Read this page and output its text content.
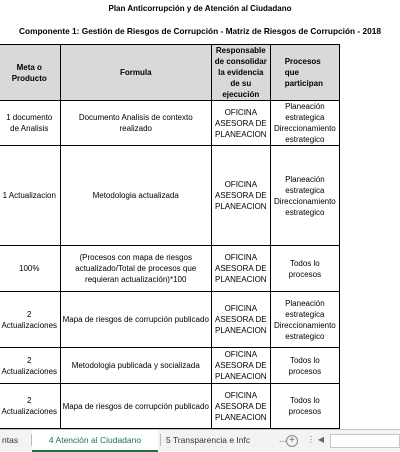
Plan Anticorrupción y de Atención al Ciudadano
Componente 1: Gestión de Riesgos de Corrupción - Matriz de Riesgos de Corrupción - 2018
	Meta o Producto	Formula	Responsable de consolidar la evidencia de su ejecución	Procesos que participan
	1 documento de Analisis	Documento Analisis de contexto realizado	OFICINA ASESORA DE PLANEACION	Planeación estrategica Direccionamiento estrategico
	1 Actualizacion	Metodologia actualizada	OFICINA ASESORA DE PLANEACION	Planeación estrategica Direccionamiento estrategico
	100%	(Procesos con mapa de riesgos actualizado/Total de procesos que requieran actualización)*100	OFICINA ASESORA DE PLANEACION	Todos lo procesos
	2 Actualizaciones	Mapa de riesgos de corrupción publicado	OFICINA ASESORA DE PLANEACION	Planeación estrategica Direccionamiento estrategico
	2 Actualizaciones	Metodologia publicada y socializada	OFICINA ASESORA DE PLANEACION	Todos lo procesos
	2 Actualizaciones	Mapa de riesgos de corrupción publicado	OFICINA ASESORA DE PLANEACION	Todos lo procesos

ntas	4 Atención al Ciudadano	5 Transparencia e Infc	... +	⋮ ◀
